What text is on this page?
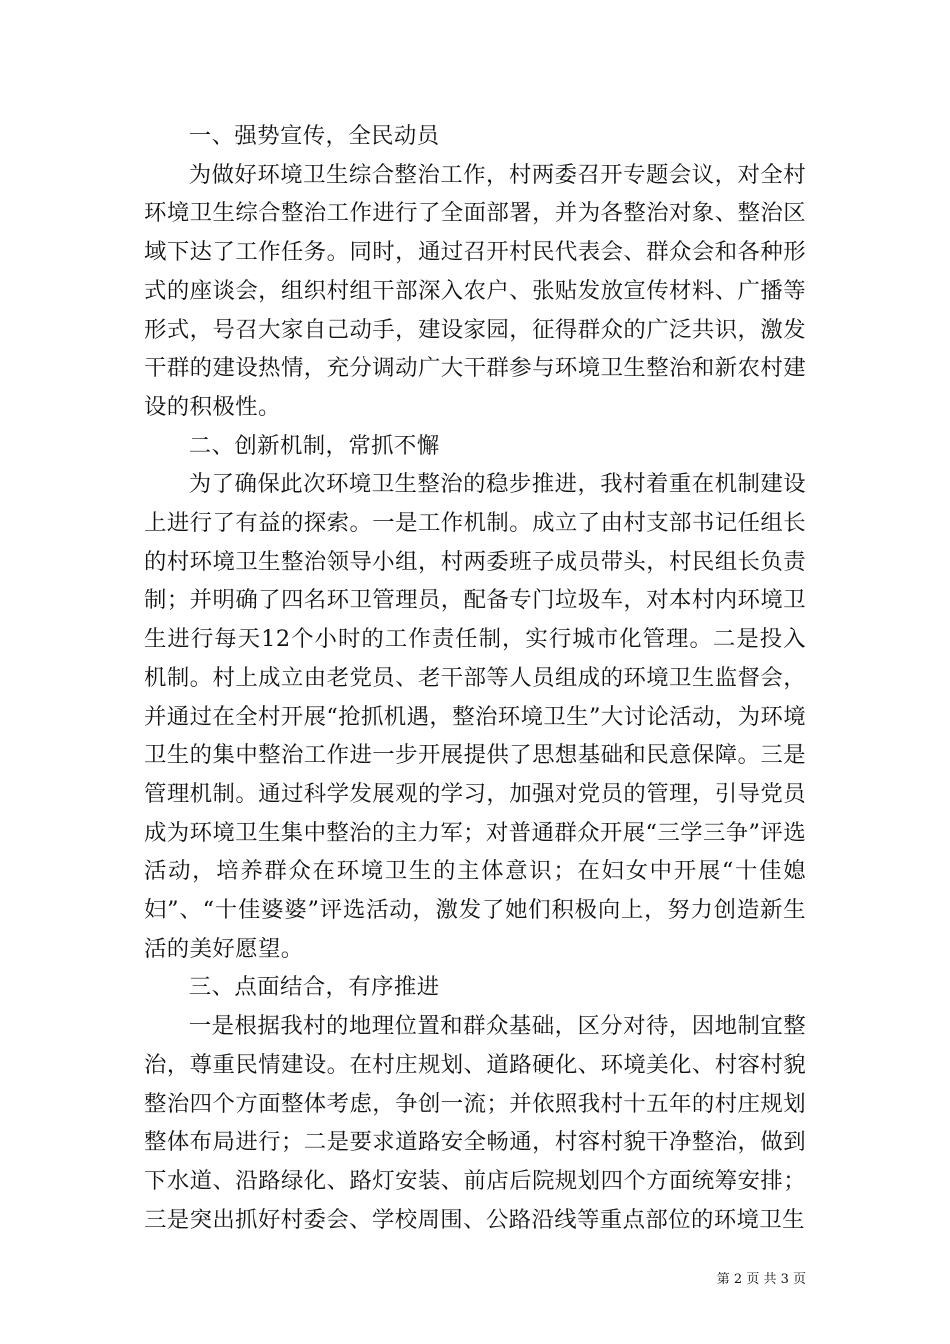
一、强势宣传，全民动员

为做好环境卫生综合整治工作，村两委召开专题会议，对全村环境卫生综合整治工作进行了全面部署，并为各整治对象、整治区域下达了工作任务。同时，通过召开村民代表会、群众会和各种形式的座谈会，组织村组干部深入农户、张贴发放宣传材料、广播等形式，号召大家自己动手，建设家园，征得群众的广泛共识，激发干群的建设热情，充分调动广大干群参与环境卫生整治和新农村建设的积极性。

二、创新机制，常抓不懈

为了确保此次环境卫生整治的稳步推进，我村着重在机制建设上进行了有益的探索。一是工作机制。成立了由村支部书记任组长的村环境卫生整治领导小组，村两委班子成员带头，村民组长负责制；并明确了四名环卫管理员，配备专门垃圾车，对本村内环境卫生进行每天12个小时的工作责任制，实行城市化管理。二是投入机制。村上成立由老党员、老干部等人员组成的环境卫生监督会，并通过在全村开展“抢抓机遇，整治环境卫生”大讨论活动，为环境卫生的集中整治工作进一步开展提供了思想基础和民意保障。三是管理机制。通过科学发展观的学习，加强对党员的管理，引导党员成为环境卫生集中整治的主力军；对普通群众开展“三学三争”评选活动，培养群众在环境卫生的主体意识；在妇女中开展“十佳媳妇”、“十佳婆婆”评选活动，激发了她们积极向上，努力创造新生活的美好愿望。

三、点面结合，有序推进

一是根据我村的地理位置和群众基础，区分对待，因地制宜整治，尊重民情建设。在村庄规划、道路硬化、环境美化、村容村貌整治四个方面整体考虑，争创一流；并依照我村十五年的村庄规划整体布局进行；二是要求道路安全畅通，村容村貌干净整治，做到下水道、沿路绿化、路灯安装、前店后院规划四个方面统筹安排；三是突出抓好村委会、学校周围、公路沿线等重点部位的环境卫生

第 2 页 共 3 页
